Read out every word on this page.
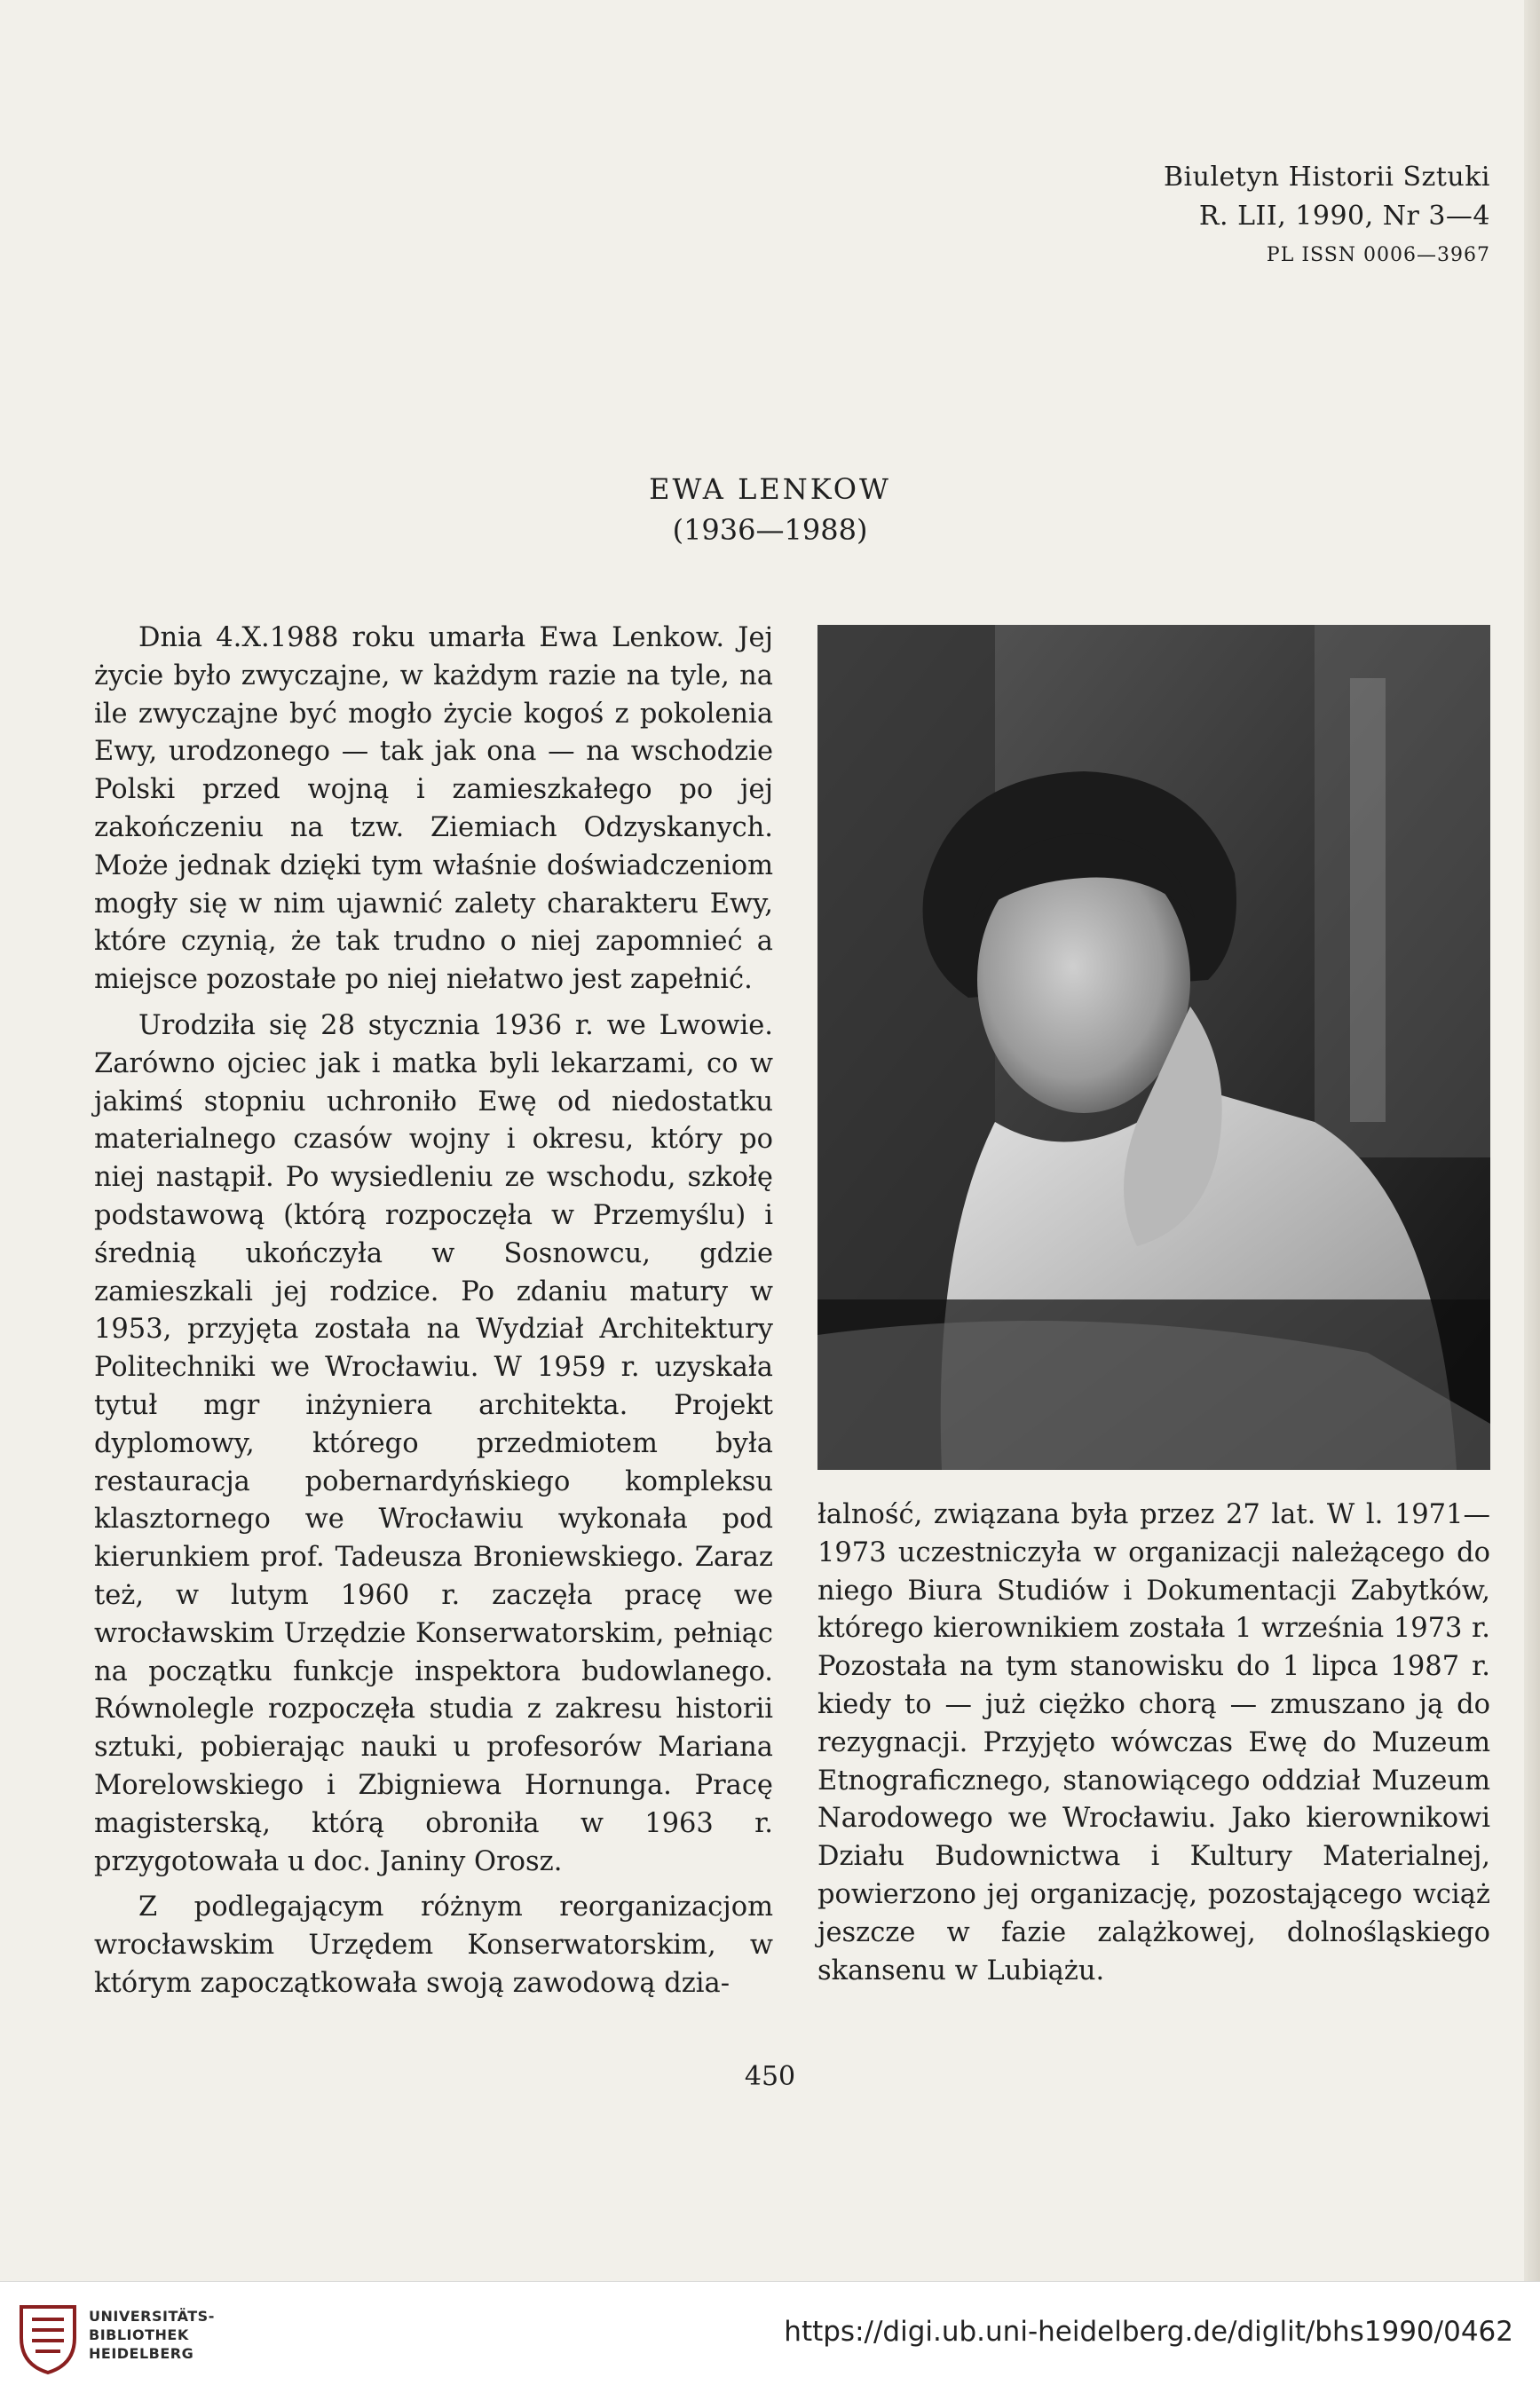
Biuletyn Historii Sztuki
R. LII, 1990, Nr 3—4
PL ISSN 0006—3967
EWA LENKOW
(1936—1988)

Dnia 4.X.1988 roku umarła Ewa Lenkow. Jej życie było zwyczajne, w każdym razie na tyle, na ile zwyczajne być mogło życie kogoś z pokolenia Ewy, urodzonego — tak jak ona — na wschodzie Polski przed wojną i zamieszkałego po jej zakończeniu na tzw. Ziemiach Odzyskanych. Może jednak dzięki tym właśnie doświadczeniom mogły się w nim ujawnić zalety charakteru Ewy, które czynią, że tak trudno o niej zapomnieć a miejsce pozostałe po niej niełatwo jest zapełnić.

Urodziła się 28 stycznia 1936 r. we Lwowie. Zarówno ojciec jak i matka byli lekarzami, co w jakimś stopniu uchroniło Ewę od niedostatku materialnego czasów wojny i okresu, który po niej nastąpił. Po wysiedleniu ze wschodu, szkołę podstawową (którą rozpoczęła w Przemyślu) i średnią ukończyła w Sosnowcu, gdzie zamieszkali jej rodzice. Po zdaniu matury w 1953, przyjęta została na Wydział Architektury Politechniki we Wrocławiu. W 1959 r. uzyskała tytuł mgr inżyniera architekta. Projekt dyplomowy, którego przedmiotem była restauracja pobernardyńskiego kompleksu klasztornego we Wrocławiu wykonała pod kierunkiem prof. Tadeusza Broniewskiego. Zaraz też, w lutym 1960 r. zaczęła pracę we wrocławskim Urzędzie Konserwatorskim, pełniąc na początku funkcje inspektora budowlanego. Równolegle rozpoczęła studia z zakresu historii sztuki, pobierając nauki u profesorów Mariana Morelowskiego i Zbigniewa Hornunga. Pracę magisterską, którą obroniła w 1963 r. przygotowała u doc. Janiny Orosz.

Z podlegającym różnym reorganizacjom wrocławskim Urzędem Konserwatorskim, w którym zapoczątkowała swoją zawodową dzia-

łalność, związana była przez 27 lat. W l. 1971—1973 uczestniczyła w organizacji należącego do niego Biura Studiów i Dokumentacji Zabytków, którego kierownikiem została 1 września 1973 r. Pozostała na tym stanowisku do 1 lipca 1987 r. kiedy to — już ciężko chorą — zmuszano ją do rezygnacji. Przyjęto wówczas Ewę do Muzeum Etnograficznego, stanowiącego oddział Muzeum Narodowego we Wrocławiu. Jako kierownikowi Działu Budownictwa i Kultury Materialnej, powierzono jej organizację, pozostającego wciąż jeszcze w fazie zalążkowej, dolnośląskiego skansenu w Lubiążu.

450
UNIVERSITÄTS-
BIBLIOTHEK
HEIDELBERG
https://digi.ub.uni-heidelberg.de/diglit/bhs1990/0462
